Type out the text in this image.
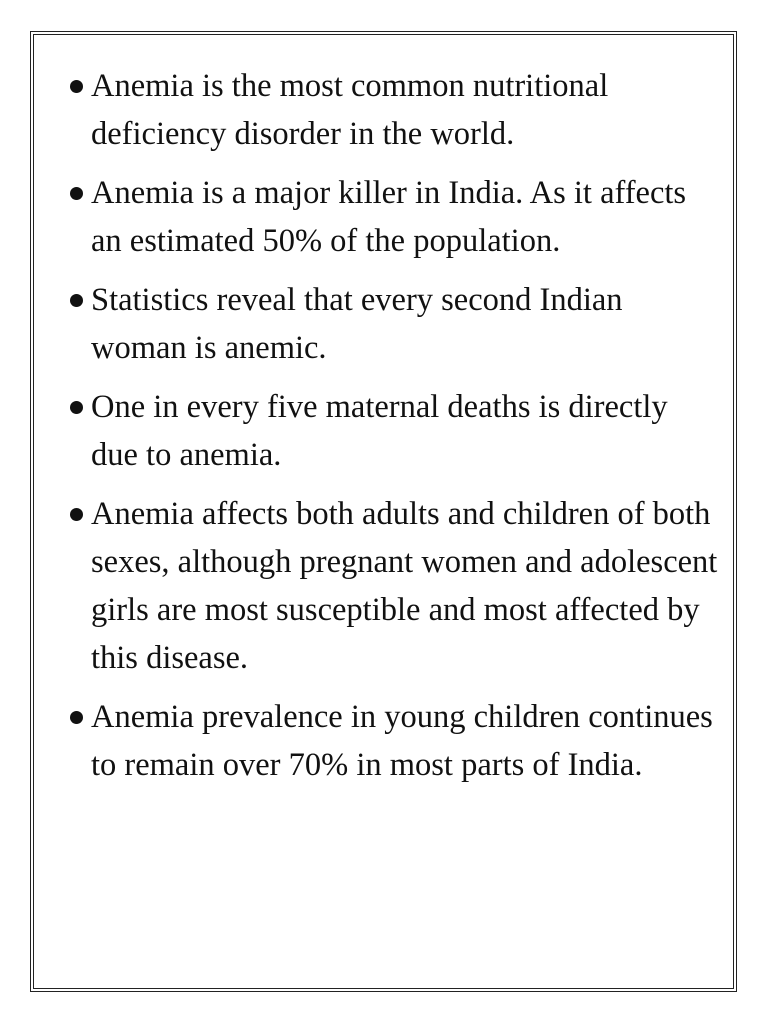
Anemia is the most common nutritional deficiency disorder in the world.
Anemia is a major killer in India. As it affects an estimated 50% of the population.
Statistics reveal that every second Indian woman is anemic.
One in every five maternal deaths is directly due to anemia.
Anemia affects both adults and children of both sexes, although pregnant women and adolescent girls are most susceptible and most affected by this disease.
Anemia prevalence in young children continues to remain over 70% in most parts of India.
